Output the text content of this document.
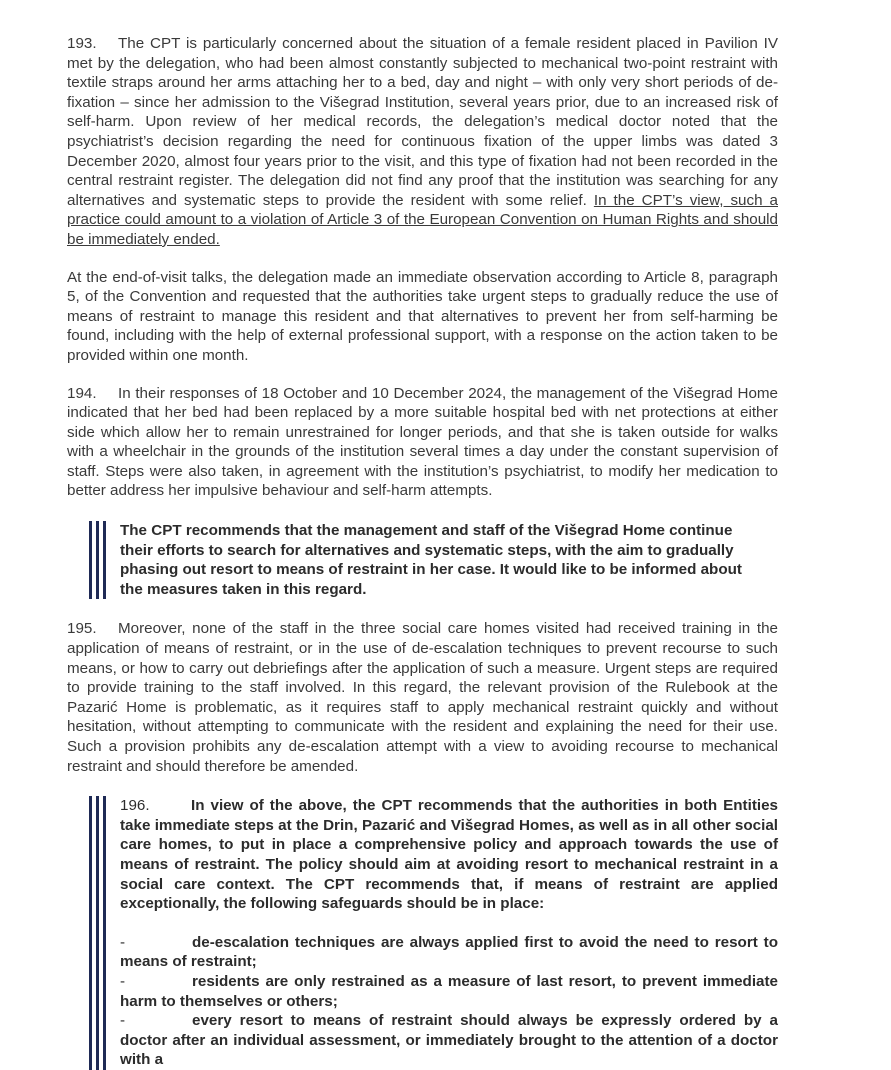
193. The CPT is particularly concerned about the situation of a female resident placed in Pavilion IV met by the delegation, who had been almost constantly subjected to mechanical two-point restraint with textile straps around her arms attaching her to a bed, day and night – with only very short periods of de-fixation – since her admission to the Višegrad Institution, several years prior, due to an increased risk of self-harm. Upon review of her medical records, the delegation’s medical doctor noted that the psychiatrist’s decision regarding the need for continuous fixation of the upper limbs was dated 3 December 2020, almost four years prior to the visit, and this type of fixation had not been recorded in the central restraint register. The delegation did not find any proof that the institution was searching for any alternatives and systematic steps to provide the resident with some relief. In the CPT’s view, such a practice could amount to a violation of Article 3 of the European Convention on Human Rights and should be immediately ended.

At the end-of-visit talks, the delegation made an immediate observation according to Article 8, paragraph 5, of the Convention and requested that the authorities take urgent steps to gradually reduce the use of means of restraint to manage this resident and that alternatives to prevent her from self-harming be found, including with the help of external professional support, with a response on the action taken to be provided within one month.

194. In their responses of 18 October and 10 December 2024, the management of the Višegrad Home indicated that her bed had been replaced by a more suitable hospital bed with net protections at either side which allow her to remain unrestrained for longer periods, and that she is taken outside for walks with a wheelchair in the grounds of the institution several times a day under the constant supervision of staff. Steps were also taken, in agreement with the institution’s psychiatrist, to modify her medication to better address her impulsive behaviour and self-harm attempts.

The CPT recommends that the management and staff of the Višegrad Home continue

their efforts to search for alternatives and systematic steps, with the aim to gradually

phasing out resort to means of restraint in her case. It would like to be informed about

the measures taken in this regard.

195. Moreover, none of the staff in the three social care homes visited had received training in the application of means of restraint, or in the use of de-escalation techniques to prevent recourse to such means, or how to carry out debriefings after the application of such a measure. Urgent steps are required to provide training to the staff involved. In this regard, the relevant provision of the Rulebook at the Pazarić Home is problematic, as it requires staff to apply mechanical restraint quickly and without hesitation, without attempting to communicate with the resident and explaining the need for their use. Such a provision prohibits any de-escalation attempt with a view to avoiding recourse to mechanical restraint and should therefore be amended.

196.	In view of the above, the CPT recommends that the authorities in both Entities take immediate steps at the Drin, Pazarić and Višegrad Homes, as well as in all other social care homes, to put in place a comprehensive policy and approach towards the use of means of restraint. The policy should aim at avoiding resort to mechanical restraint in a social care context. The CPT recommends that, if means of restraint are applied exceptionally, the following safeguards should be in place:

-	de-escalation techniques are always applied first to avoid the need to resort to means of restraint;

-	residents are only restrained as a measure of last resort, to prevent immediate harm to themselves or others;

-	every resort to means of restraint should always be expressly ordered by a doctor after an individual assessment, or immediately brought to the attention of a doctor with a
